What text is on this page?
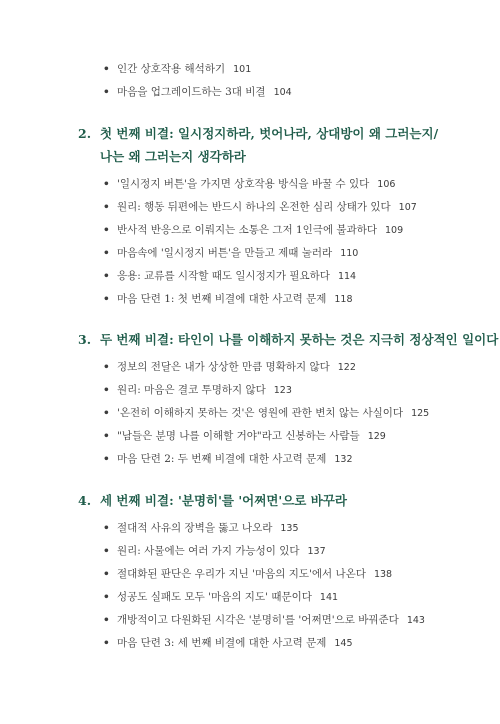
• 인간 상호작용 해석하기 101
• 마음을 업그레이드하는 3대 비결 104
2. 첫 번째 비결: 일시정지하라, 벗어나라, 상대방이 왜 그러는지/
나는 왜 그러는지 생각하라
• '일시정지 버튼'을 가지면 상호작용 방식을 바꿀 수 있다 106
• 원리: 행동 뒤편에는 반드시 하나의 온전한 심리 상태가 있다 107
• 반사적 반응으로 이뤄지는 소통은 그저 1인극에 불과하다 109
• 마음속에 '일시정지 버튼'을 만들고 제때 눌러라 110
• 응용: 교류를 시작할 때도 일시정지가 필요하다 114
• 마음 단련 1: 첫 번째 비결에 대한 사고력 문제 118
3. 두 번째 비결: 타인이 나를 이해하지 못하는 것은 지극히 정상적인 일이다
• 정보의 전달은 내가 상상한 만큼 명확하지 않다 122
• 원리: 마음은 결코 투명하지 않다 123
• '온전히 이해하지 못하는 것'은 영원에 관한 변치 않는 사실이다 125
• "남들은 분명 나를 이해할 거야"라고 신봉하는 사람들 129
• 마음 단련 2: 두 번째 비결에 대한 사고력 문제 132
4. 세 번째 비결: '분명히'를 '어쩌면'으로 바꾸라
• 절대적 사유의 장벽을 뚫고 나오라 135
• 원리: 사물에는 여러 가지 가능성이 있다 137
• 절대화된 판단은 우리가 지닌 '마음의 지도'에서 나온다 138
• 성공도 실패도 모두 '마음의 지도' 때문이다 141
• 개방적이고 다원화된 시각은 '분명히'를 '어쩌면'으로 바꿔준다 143
• 마음 단련 3: 세 번째 비결에 대한 사고력 문제 145
